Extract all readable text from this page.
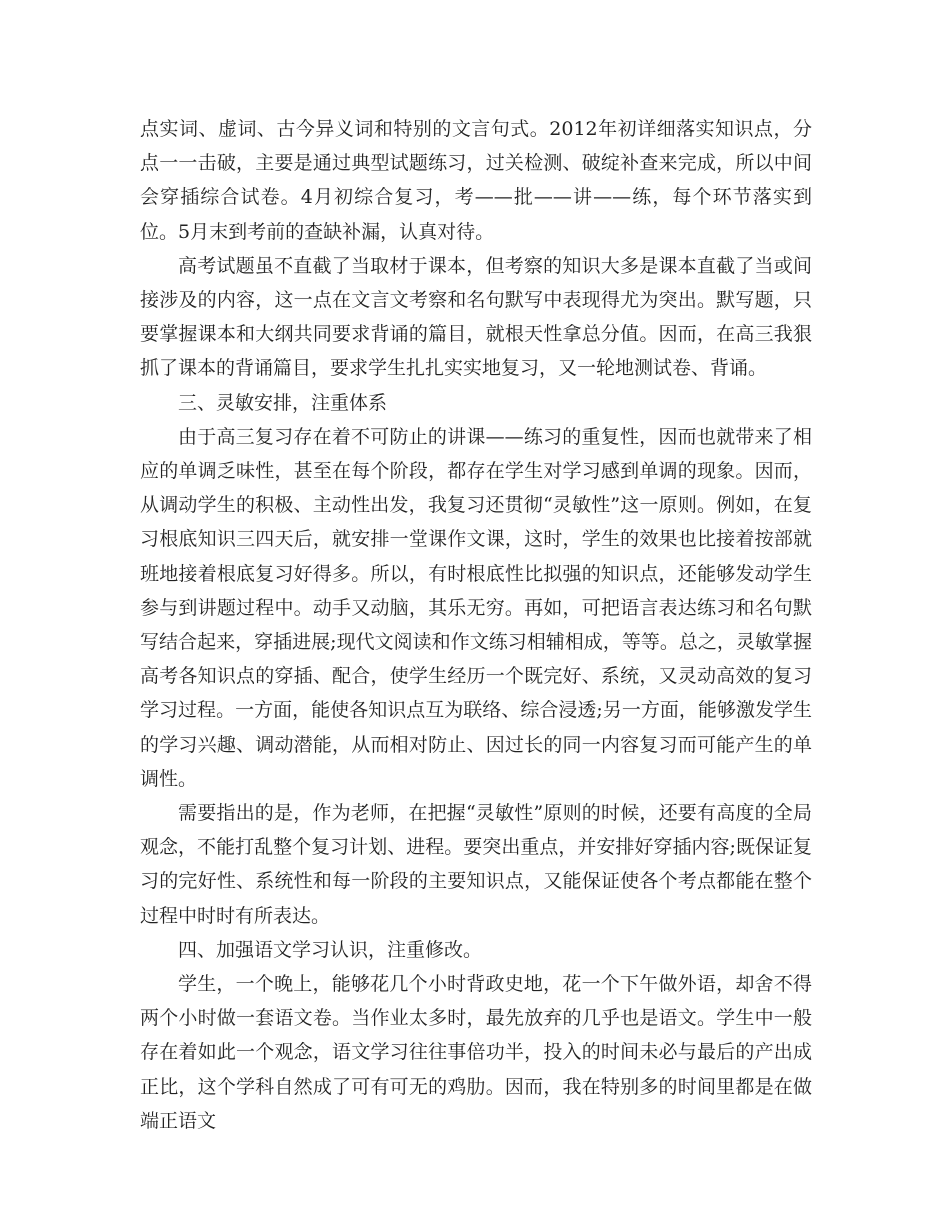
点实词、虚词、古今异义词和特别的文言句式。2012年初详细落实知识点，分点一一击破，主要是通过典型试题练习，过关检测、破绽补查来完成，所以中间会穿插综合试卷。4月初综合复习，考——批——讲——练，每个环节落实到位。5月末到考前的查缺补漏，认真对待。

高考试题虽不直截了当取材于课本，但考察的知识大多是课本直截了当或间接涉及的内容，这一点在文言文考察和名句默写中表现得尤为突出。默写题，只要掌握课本和大纲共同要求背诵的篇目，就根天性拿总分值。因而，在高三我狠抓了课本的背诵篇目，要求学生扎扎实实地复习，又一轮地测试卷、背诵。

三、灵敏安排，注重体系

由于高三复习存在着不可防止的讲课——练习的重复性，因而也就带来了相应的单调乏味性，甚至在每个阶段，都存在学生对学习感到单调的现象。因而，从调动学生的积极、主动性出发，我复习还贯彻“灵敏性”这一原则。例如，在复习根底知识三四天后，就安排一堂课作文课，这时，学生的效果也比接着按部就班地接着根底复习好得多。所以，有时根底性比拟强的知识点，还能够发动学生参与到讲题过程中。动手又动脑，其乐无穷。再如，可把语言表达练习和名句默写结合起来，穿插进展;现代文阅读和作文练习相辅相成，等等。总之，灵敏掌握高考各知识点的穿插、配合，使学生经历一个既完好、系统，又灵动高效的复习学习过程。一方面，能使各知识点互为联络、综合浸透;另一方面，能够激发学生的学习兴趣、调动潜能，从而相对防止、因过长的同一内容复习而可能产生的单调性。

需要指出的是，作为老师，在把握“灵敏性”原则的时候，还要有高度的全局观念，不能打乱整个复习计划、进程。要突出重点，并安排好穿插内容;既保证复习的完好性、系统性和每一阶段的主要知识点，又能保证使各个考点都能在整个过程中时时有所表达。

四、加强语文学习认识，注重修改。

学生，一个晚上，能够花几个小时背政史地，花一个下午做外语，却舍不得两个小时做一套语文卷。当作业太多时，最先放弃的几乎也是语文。学生中一般存在着如此一个观念，语文学习往往事倍功半，投入的时间未必与最后的产出成正比，这个学科自然成了可有可无的鸡肋。因而，我在特别多的时间里都是在做端正语文
